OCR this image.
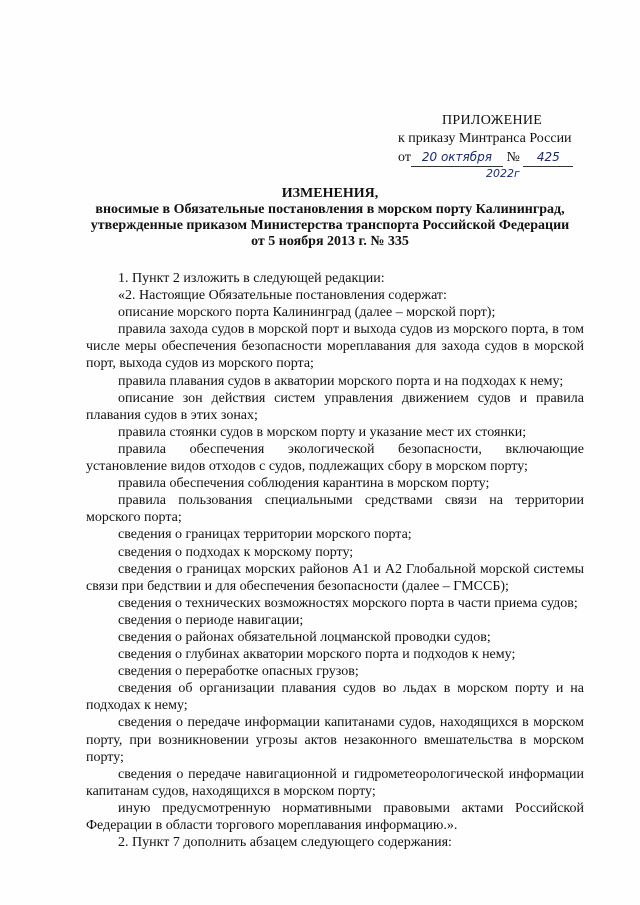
ПРИЛОЖЕНИЕ
к приказу Минтранса России
от 20 октября № 425
2022г
ИЗМЕНЕНИЯ,
вносимые в Обязательные постановления в морском порту Калининград,
утвержденные приказом Министерства транспорта Российской Федерации
от 5 ноября 2013 г. № 335

1. Пункт 2 изложить в следующей редакции:

«2. Настоящие Обязательные постановления содержат:

описание морского порта Калининград (далее – морской порт);

правила захода судов в морской порт и выхода судов из морского порта, в том числе меры обеспечения безопасности мореплавания для захода судов в морской порт, выхода судов из морского порта;

правила плавания судов в акватории морского порта и на подходах к нему;

описание зон действия систем управления движением судов и правила плавания судов в этих зонах;

правила стоянки судов в морском порту и указание мест их стоянки;

правила обеспечения экологической безопасности, включающие установление видов отходов с судов, подлежащих сбору в морском порту;

правила обеспечения соблюдения карантина в морском порту;

правила пользования специальными средствами связи на территории морского порта;

сведения о границах территории морского порта;

сведения о подходах к морскому порту;

сведения о границах морских районов А1 и А2 Глобальной морской системы связи при бедствии и для обеспечения безопасности (далее – ГМССБ);

сведения о технических возможностях морского порта в части приема судов;

сведения о периоде навигации;

сведения о районах обязательной лоцманской проводки судов;

сведения о глубинах акватории морского порта и подходов к нему;

сведения о переработке опасных грузов;

сведения об организации плавания судов во льдах в морском порту и на подходах к нему;

сведения о передаче информации капитанами судов, находящихся в морском порту, при возникновении угрозы актов незаконного вмешательства в морском порту;

сведения о передаче навигационной и гидрометеорологической информации капитанам судов, находящихся в морском порту;

иную предусмотренную нормативными правовыми актами Российской Федерации в области торгового мореплавания информацию.».

2. Пункт 7 дополнить абзацем следующего содержания:
